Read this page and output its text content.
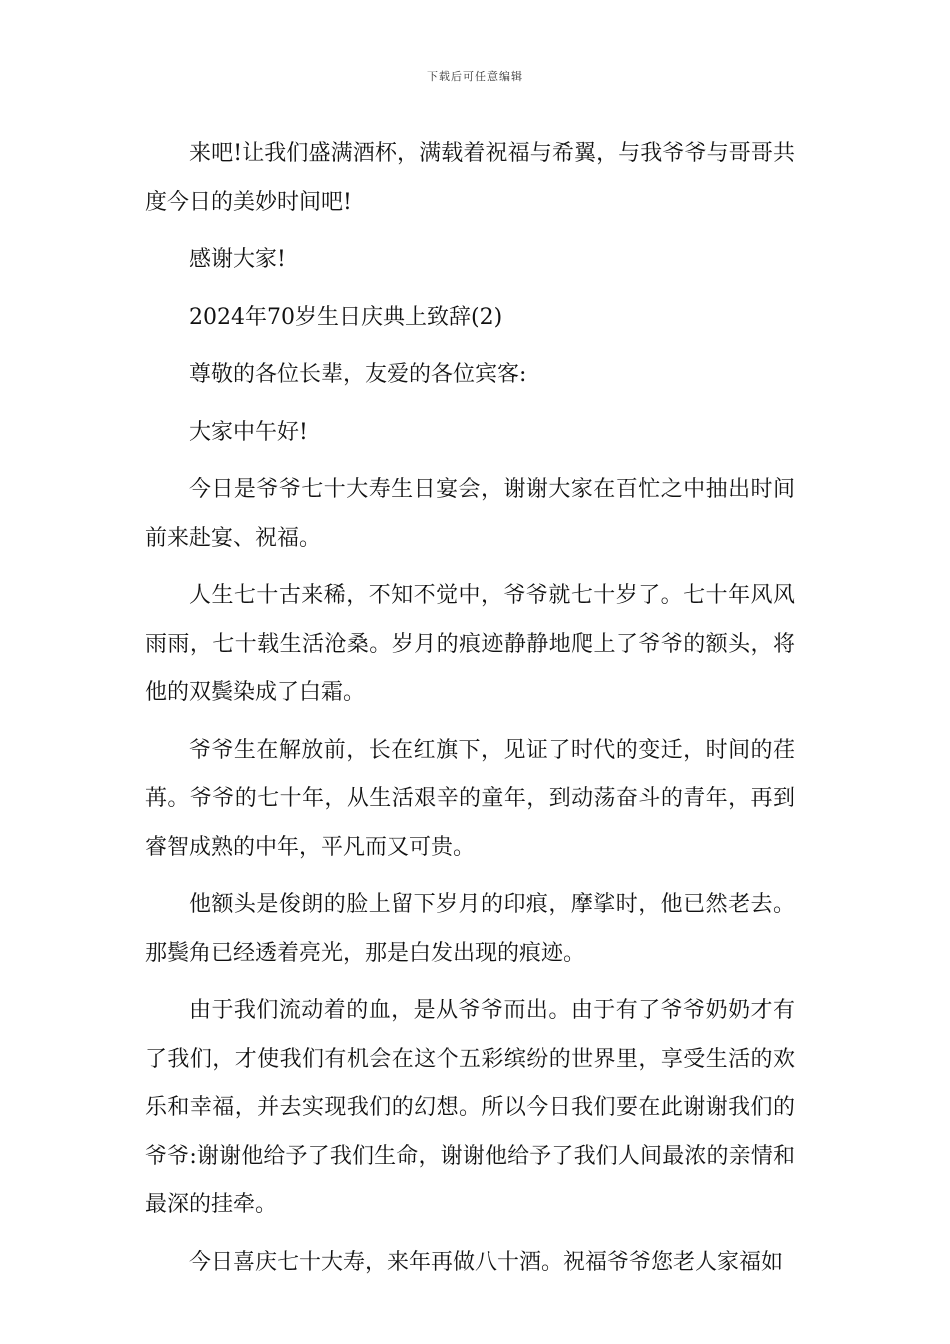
下载后可任意编辑

来吧!让我们盛满酒杯，满载着祝福与希翼，与我爷爷与哥哥共度今日的美妙时间吧!

感谢大家!

2024年70岁生日庆典上致辞(2)

尊敬的各位长辈，友爱的各位宾客:

大家中午好!

今日是爷爷七十大寿生日宴会，谢谢大家在百忙之中抽出时间前来赴宴、祝福。

人生七十古来稀，不知不觉中，爷爷就七十岁了。七十年风风雨雨，七十载生活沧桑。岁月的痕迹静静地爬上了爷爷的额头，将他的双鬓染成了白霜。

爷爷生在解放前，长在红旗下，见证了时代的变迁，时间的荏苒。爷爷的七十年，从生活艰辛的童年，到动荡奋斗的青年，再到睿智成熟的中年，平凡而又可贵。

他额头是俊朗的脸上留下岁月的印痕，摩挲时，他已然老去。那鬓角已经透着亮光，那是白发出现的痕迹。

由于我们流动着的血，是从爷爷而出。由于有了爷爷奶奶才有了我们，才使我们有机会在这个五彩缤纷的世界里，享受生活的欢乐和幸福，并去实现我们的幻想。所以今日我们要在此谢谢我们的爷爷:谢谢他给予了我们生命，谢谢他给予了我们人间最浓的亲情和最深的挂牵。

今日喜庆七十大寿，来年再做八十酒。祝福爷爷您老人家福如
